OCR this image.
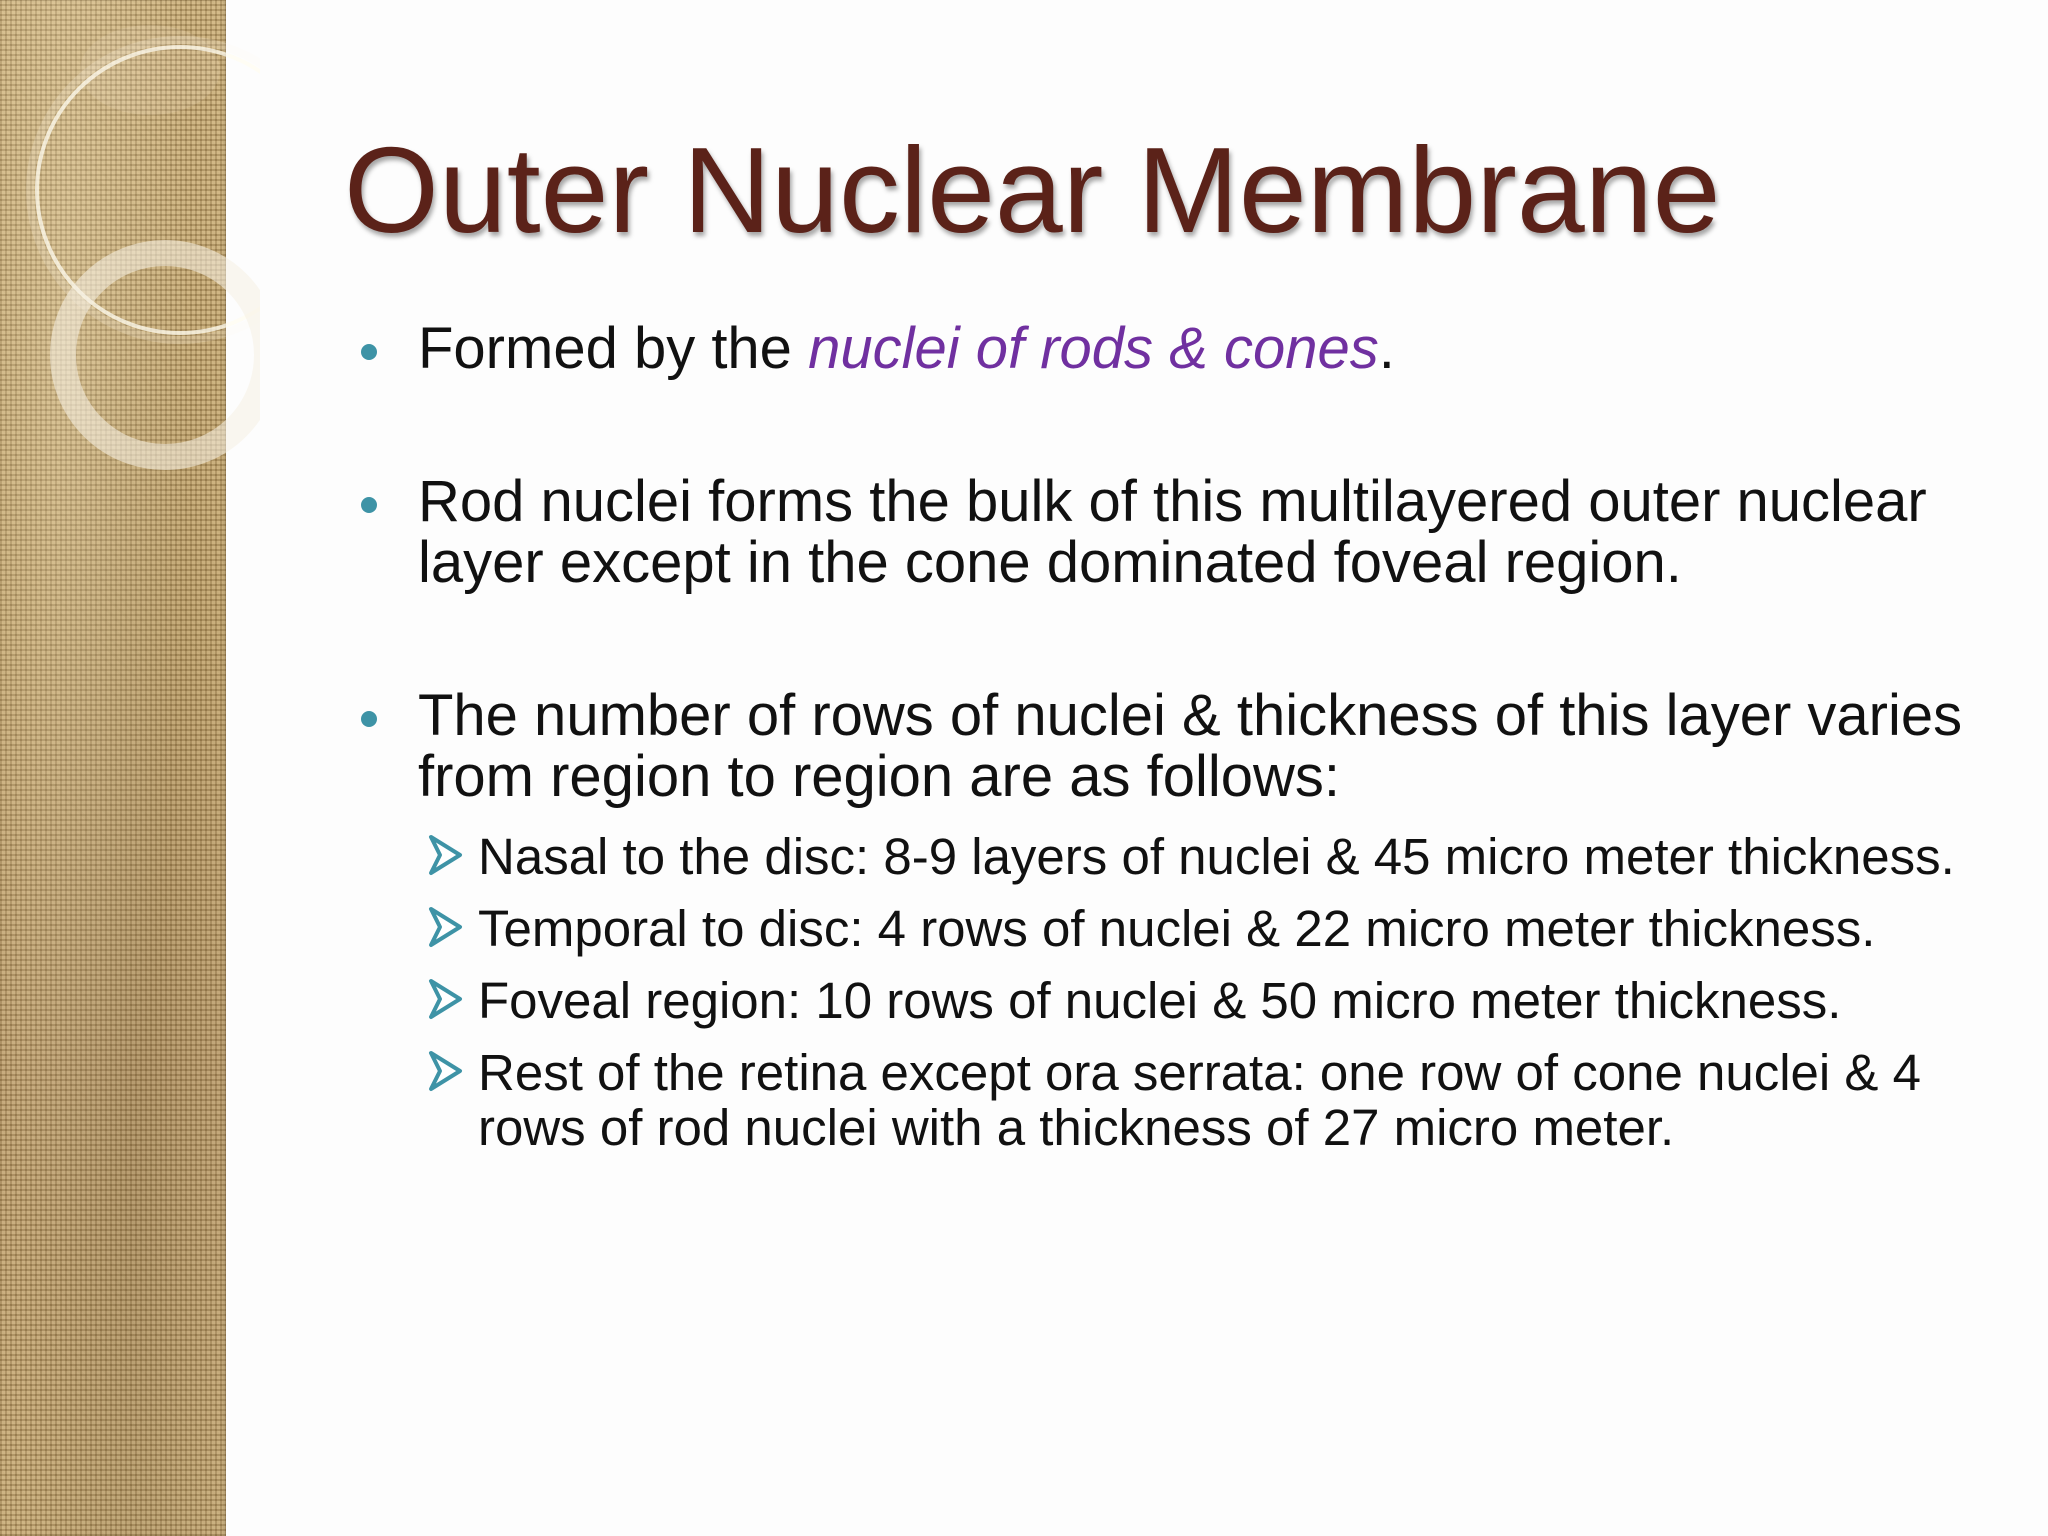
Outer Nuclear Membrane
Formed by the nuclei of rods & cones.
Rod nuclei forms the bulk of this multilayered outer nuclear layer except in the cone dominated foveal region.
The number of rows of nuclei & thickness of this layer varies from region to region are as follows:
Nasal to the disc: 8-9 layers of nuclei & 45 micro meter thickness.
Temporal to disc: 4 rows of nuclei & 22 micro meter thickness.
Foveal region: 10 rows of nuclei & 50 micro meter thickness.
Rest of the retina except ora serrata: one row of cone nuclei & 4 rows of rod nuclei with a thickness of 27 micro meter.
